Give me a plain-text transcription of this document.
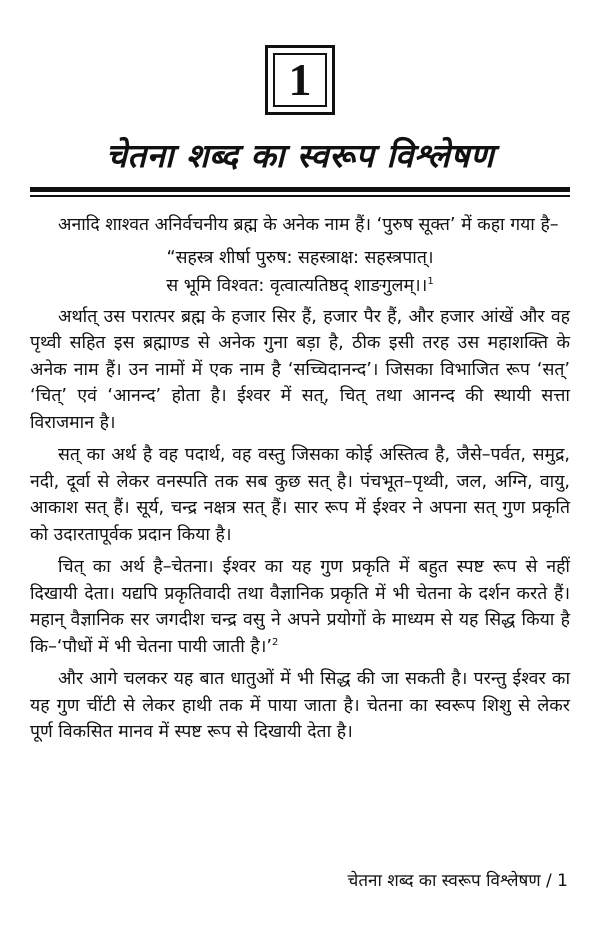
1
चेतना शब्द का स्वरूप विश्लेषण

अनादि शाश्वत अनिर्वचनीय ब्रह्म के अनेक नाम हैं। ‘पुरुष सूक्त’ में कहा गया है–

“सहस्त्र शीर्षा पुरुष: सहस्त्राक्ष: सहस्त्रपात्।

स भूमि विश्वत: वृत्वात्यतिष्ठद् शाङगुलम्।।$^1$

अर्थात् उस परात्पर ब्रह्म के हजार सिर हैं, हजार पैर हैं, और हजार आंखें और वह पृथ्वी सहित इस ब्रह्माण्ड से अनेक गुना बड़ा है, ठीक इसी तरह उस महाशक्ति के अनेक नाम हैं। उन नामों में एक नाम है ‘सच्चिदानन्द’। जिसका विभाजित रूप ‘सत्’ ‘चित्’ एवं ‘आनन्द’ होता है। ईश्वर में सत्, चित् तथा आनन्द की स्थायी सत्ता विराजमान है।

सत् का अर्थ है वह पदार्थ, वह वस्तु जिसका कोई अस्तित्व है, जैसे–पर्वत, समुद्र, नदी, दूर्वा से लेकर वनस्पति तक सब कुछ सत् है। पंचभूत–पृथ्वी, जल, अग्नि, वायु, आकाश सत् हैं। सूर्य, चन्द्र नक्षत्र सत् हैं। सार रूप में ईश्वर ने अपना सत् गुण प्रकृति को उदारतापूर्वक प्रदान किया है।

चित् का अर्थ है–चेतना। ईश्वर का यह गुण प्रकृति में बहुत स्पष्ट रूप से नहीं दिखायी देता। यद्यपि प्रकृतिवादी तथा वैज्ञानिक प्रकृति में भी चेतना के दर्शन करते हैं। महान् वैज्ञानिक सर जगदीश चन्द्र वसु ने अपने प्रयोगों के माध्यम से यह सिद्ध किया है कि–‘पौधों में भी चेतना पायी जाती है।’$^2$

और आगे चलकर यह बात धातुओं में भी सिद्ध की जा सकती है। परन्तु ईश्वर का यह गुण चींटी से लेकर हाथी तक में पाया जाता है। चेतना का स्वरूप शिशु से लेकर पूर्ण विकसित मानव में स्पष्ट रूप से दिखायी देता है।

चेतना शब्द का स्वरूप विश्लेषण / 1
